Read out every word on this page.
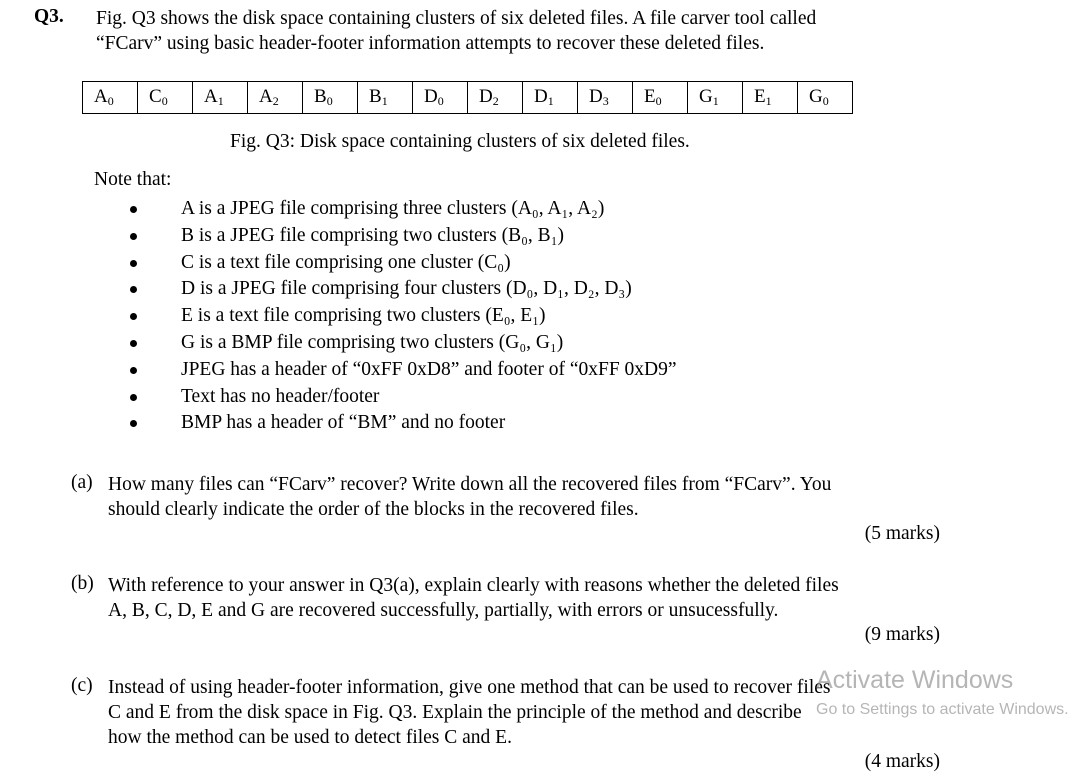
Q3. Fig. Q3 shows the disk space containing clusters of six deleted files. A file carver tool called
“FCarv” using basic header-footer information attempts to recover these deleted files.
$A_0$	$C_0$	$A_1$	$A_2$	$B_0$	$B_1$	$D_0$	$D_2$	$D_1$	$D_3$	$E_0$	$G_1$	$E_1$	$G_0$
Fig. Q3: Disk space containing clusters of six deleted files.
Note that:
A is a JPEG file comprising three clusters (A₀, A₁, A₂)
B is a JPEG file comprising two clusters (B₀, B₁)
C is a text file comprising one cluster (C₀)
D is a JPEG file comprising four clusters (D₀, D₁, D₂, D₃)
E is a text file comprising two clusters (E₀, E₁)
G is a BMP file comprising two clusters (G₀, G₁)
JPEG has a header of “0xFF 0xD8” and footer of “0xFF 0xD9”
Text has no header/footer
BMP has a header of “BM” and no footer
(a) How many files can “FCarv” recover? Write down all the recovered files from “FCarv”. You
should clearly indicate the order of the blocks in the recovered files.
(5 marks)
(b) With reference to your answer in Q3(a), explain clearly with reasons whether the deleted files
A, B, C, D, E and G are recovered successfully, partially, with errors or unsucessfully.
(9 marks)
(c) Instead of using header-footer information, give one method that can be used to recover files
C and E from the disk space in Fig. Q3. Explain the principle of the method and describe
how the method can be used to detect files C and E.
(4 marks)
Activate Windows
Go to Settings to activate Windows.
